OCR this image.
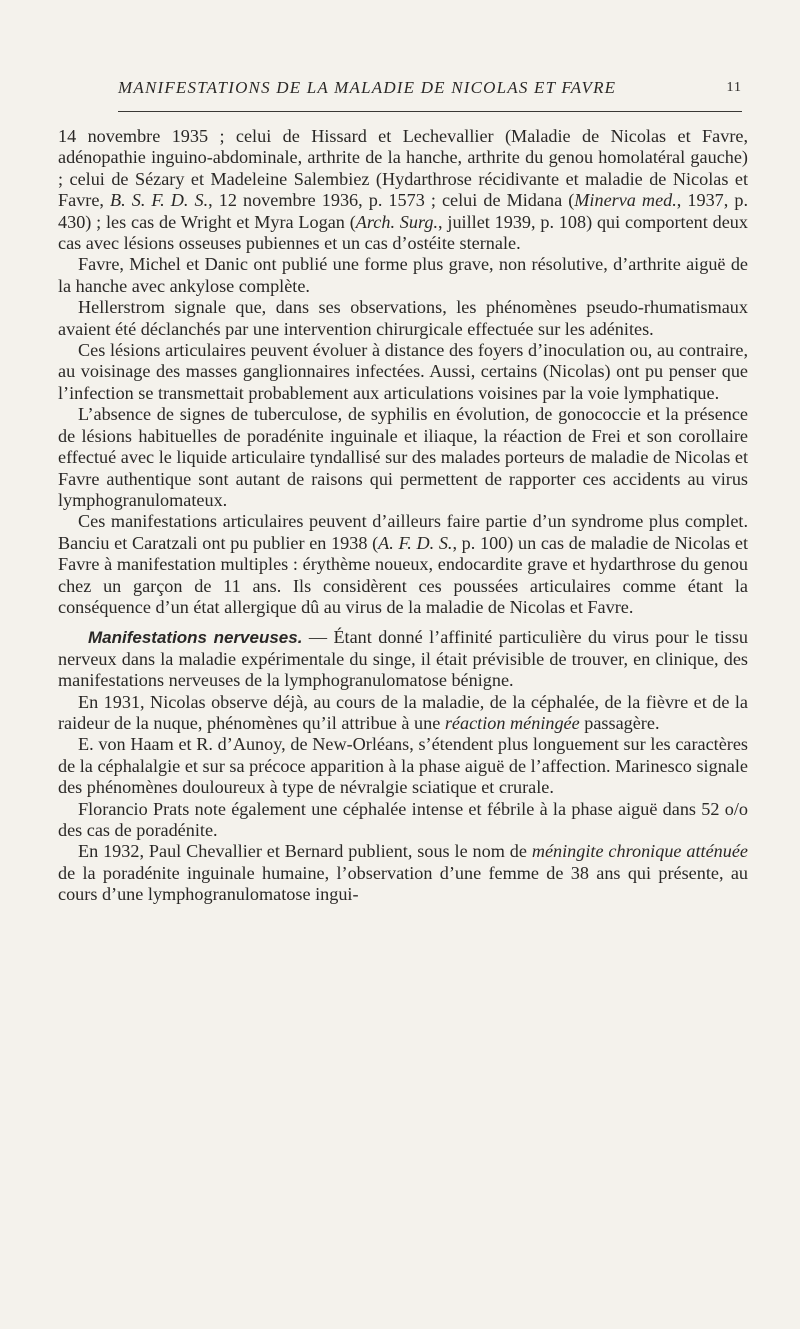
MANIFESTATIONS DE LA MALADIE DE NICOLAS ET FAVRE	11

14 novembre 1935 ; celui de Hissard et Lechevallier (Maladie de Nicolas et Favre, adénopathie inguino-abdominale, arthrite de la hanche, arthrite du genou homolatéral gauche) ; celui de Sézary et Madeleine Salembiez (Hydarthrose récidivante et maladie de Nicolas et Favre, B. S. F. D. S., 12 novembre 1936, p. 1573 ; celui de Midana (Minerva med., 1937, p. 430) ; les cas de Wright et Myra Logan (Arch. Surg., juillet 1939, p. 108) qui comportent deux cas avec lésions osseuses pubiennes et un cas d’ostéite sternale.

Favre, Michel et Danic ont publié une forme plus grave, non résolutive, d’arthrite aiguë de la hanche avec ankylose complète.

Hellerstrom signale que, dans ses observations, les phénomènes pseudo-rhumatismaux avaient été déclanchés par une intervention chirurgicale effectuée sur les adénites.

Ces lésions articulaires peuvent évoluer à distance des foyers d’inoculation ou, au contraire, au voisinage des masses ganglionnaires infectées. Aussi, certains (Nicolas) ont pu penser que l’infection se transmettait probablement aux articulations voisines par la voie lymphatique.

L’absence de signes de tuberculose, de syphilis en évolution, de gonococcie et la présence de lésions habituelles de poradénite inguinale et iliaque, la réaction de Frei et son corollaire effectué avec le liquide articulaire tyndallisé sur des malades porteurs de maladie de Nicolas et Favre authentique sont autant de raisons qui permettent de rapporter ces accidents au virus lymphogranulomateux.

Ces manifestations articulaires peuvent d’ailleurs faire partie d’un syndrome plus complet. Banciu et Caratzali ont pu publier en 1938 (A. F. D. S., p. 100) un cas de maladie de Nicolas et Favre à manifestation multiples : érythème noueux, endocardite grave et hydarthrose du genou chez un garçon de 11 ans. Ils considèrent ces poussées articulaires comme étant la conséquence d’un état allergique dû au virus de la maladie de Nicolas et Favre.

Manifestations nerveuses. — Étant donné l’affinité particulière du virus pour le tissu nerveux dans la maladie expérimentale du singe, il était prévisible de trouver, en clinique, des manifestations nerveuses de la lymphogranulomatose bénigne.

En 1931, Nicolas observe déjà, au cours de la maladie, de la céphalée, de la fièvre et de la raideur de la nuque, phénomènes qu’il attribue à une réaction méningée passagère.

E. von Haam et R. d’Aunoy, de New-Orléans, s’étendent plus longuement sur les caractères de la céphalalgie et sur sa précoce apparition à la phase aiguë de l’affection. Marinesco signale des phénomènes douloureux à type de névralgie sciatique et crurale.

Florancio Prats note également une céphalée intense et fébrile à la phase aiguë dans 52 o/o des cas de poradénite.

En 1932, Paul Chevallier et Bernard publient, sous le nom de méningite chronique atténuée de la poradénite inguinale humaine, l’observation d’une femme de 38 ans qui présente, au cours d’une lymphogranulomatose ingui-
